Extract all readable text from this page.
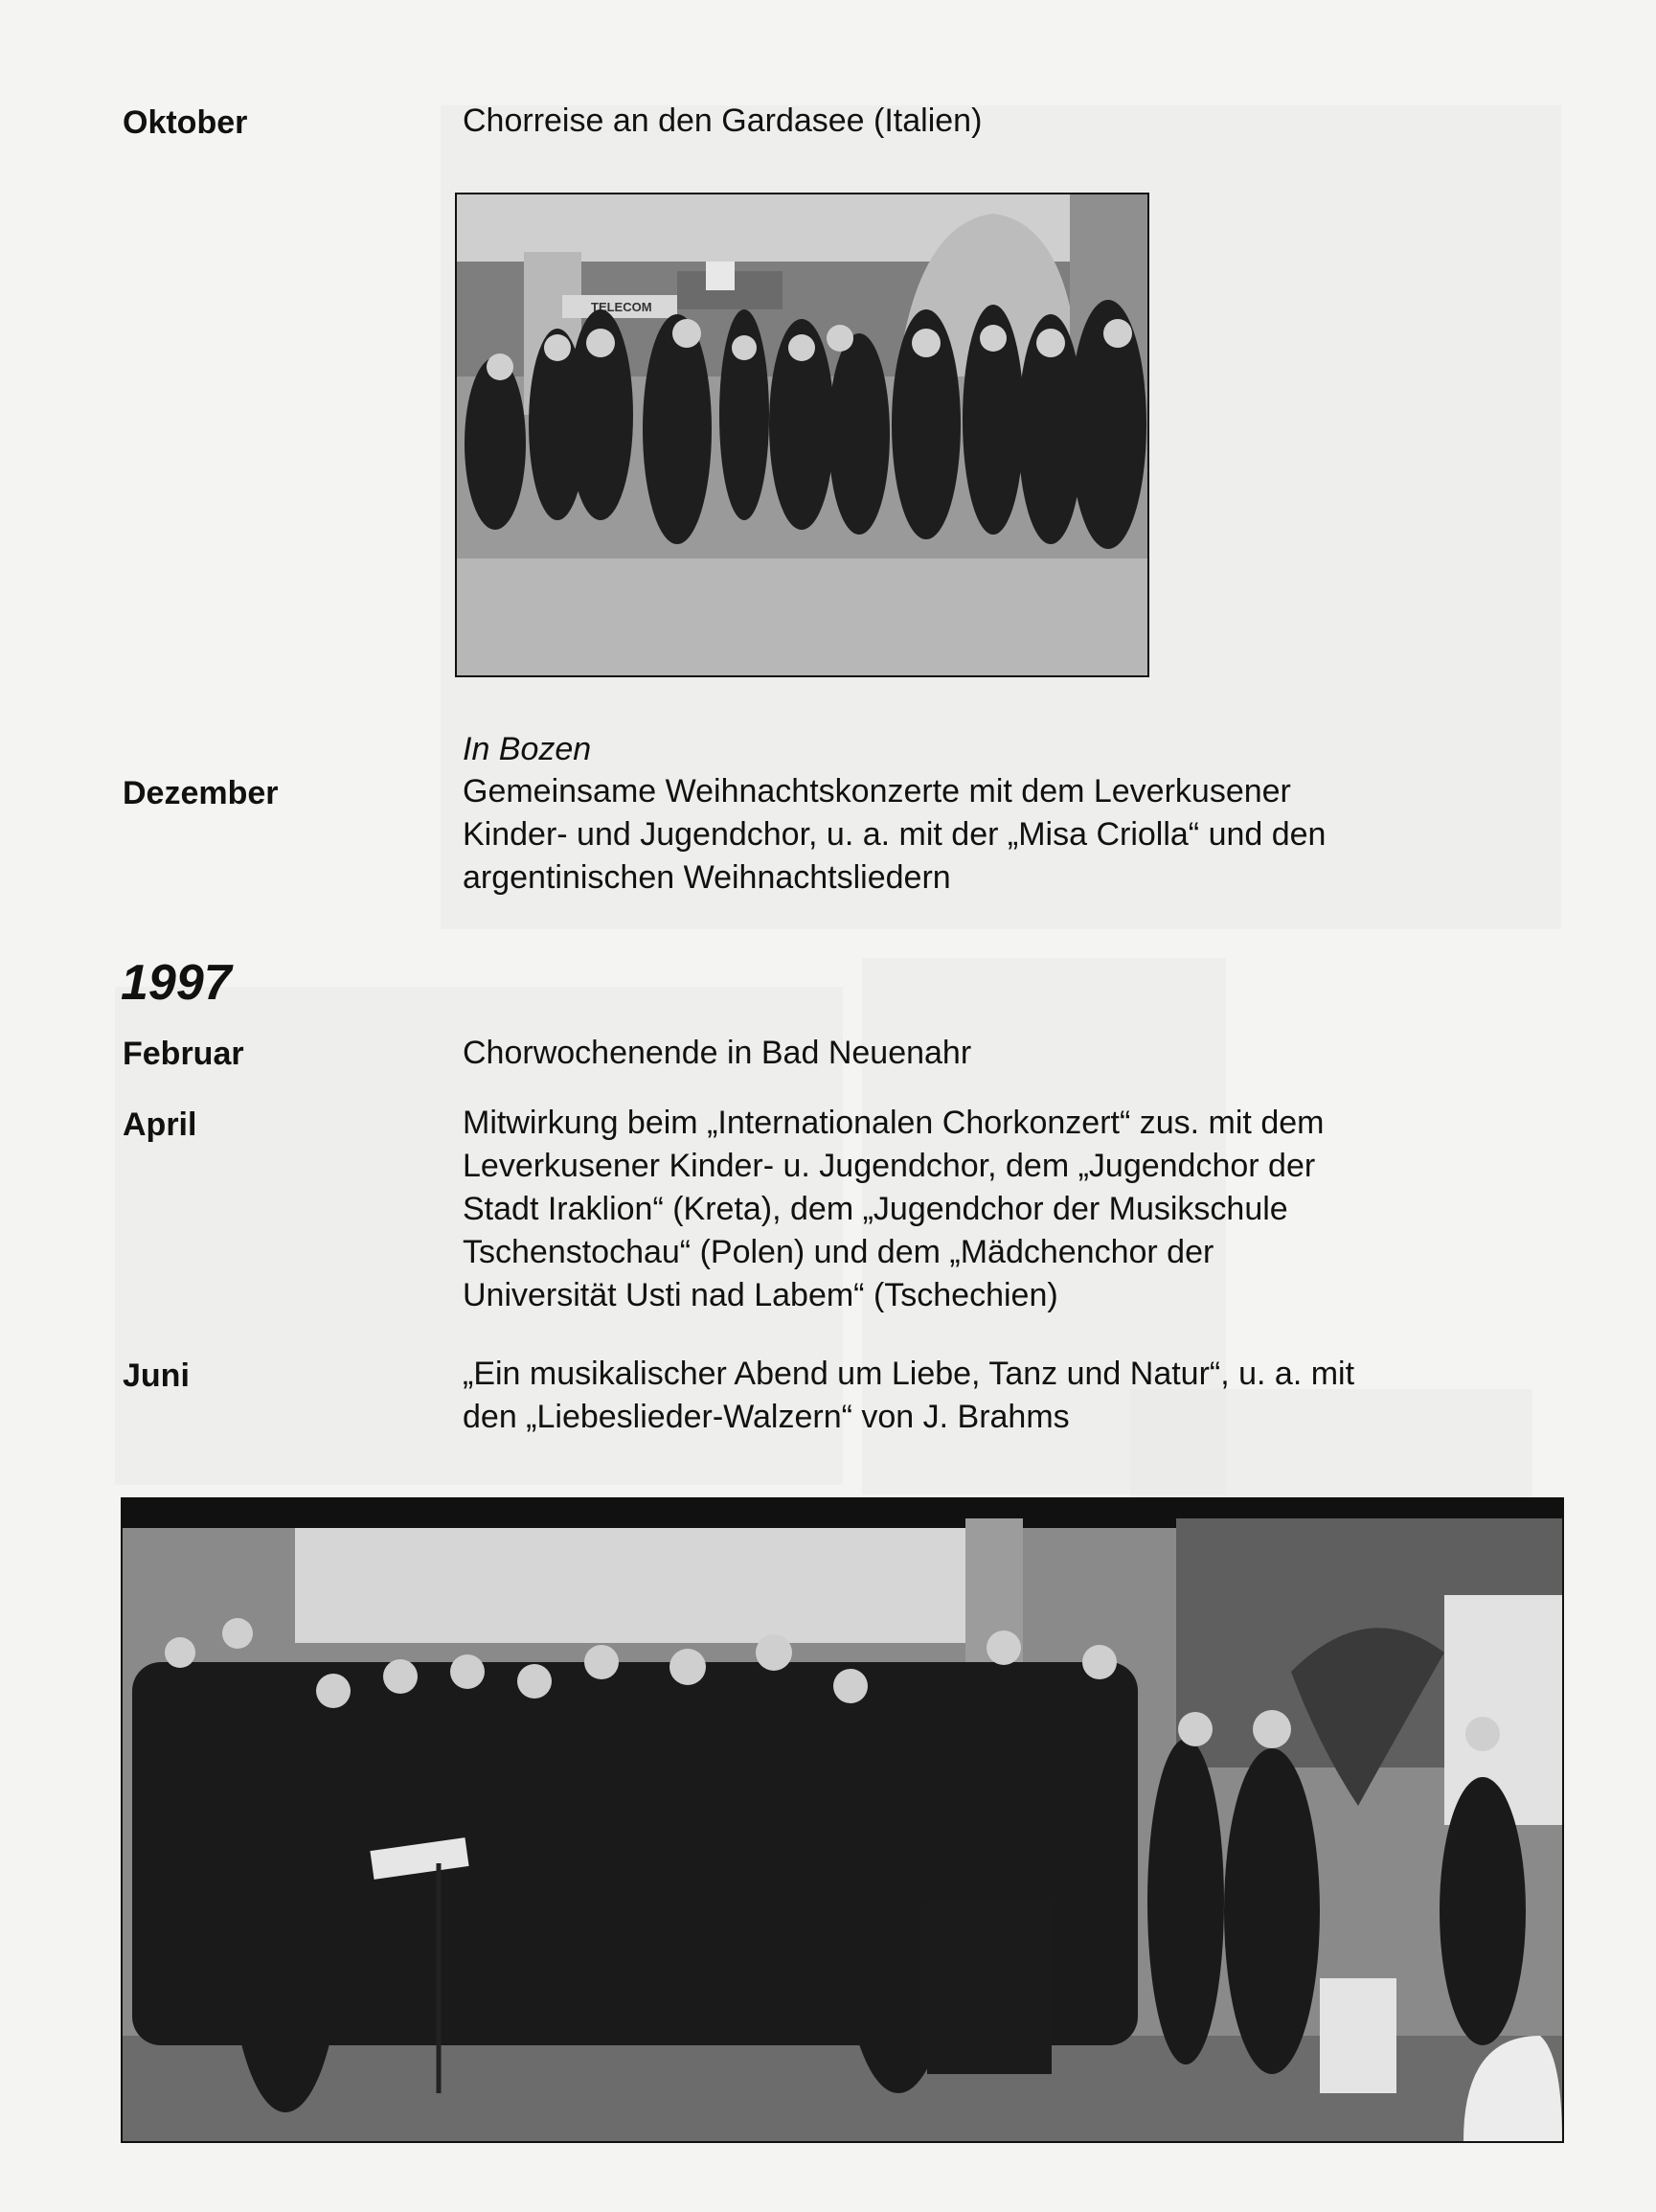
Oktober	Chorreise an den Gardasee (Italien)
TELECOM
In Bozen
Dezember	Gemeinsame Weihnachtskonzerte mit dem Leverkusener
Kinder- und Jugendchor, u. a. mit der „Misa Criolla“ und den
argentinischen Weihnachtsliedern
1997
Februar	Chorwochenende in Bad Neuenahr
April	Mitwirkung beim „Internationalen Chorkonzert“ zus. mit dem
Leverkusener Kinder- u. Jugendchor, dem „Jugendchor der
Stadt Iraklion“ (Kreta), dem „Jugendchor der Musikschule
Tschenstochau“ (Polen) und dem „Mädchenchor der
Universität Usti nad Labem“ (Tschechien)
Juni	„Ein musikalischer Abend um Liebe, Tanz und Natur“, u. a. mit
den „Liebeslieder-Walzern“ von J. Brahms
